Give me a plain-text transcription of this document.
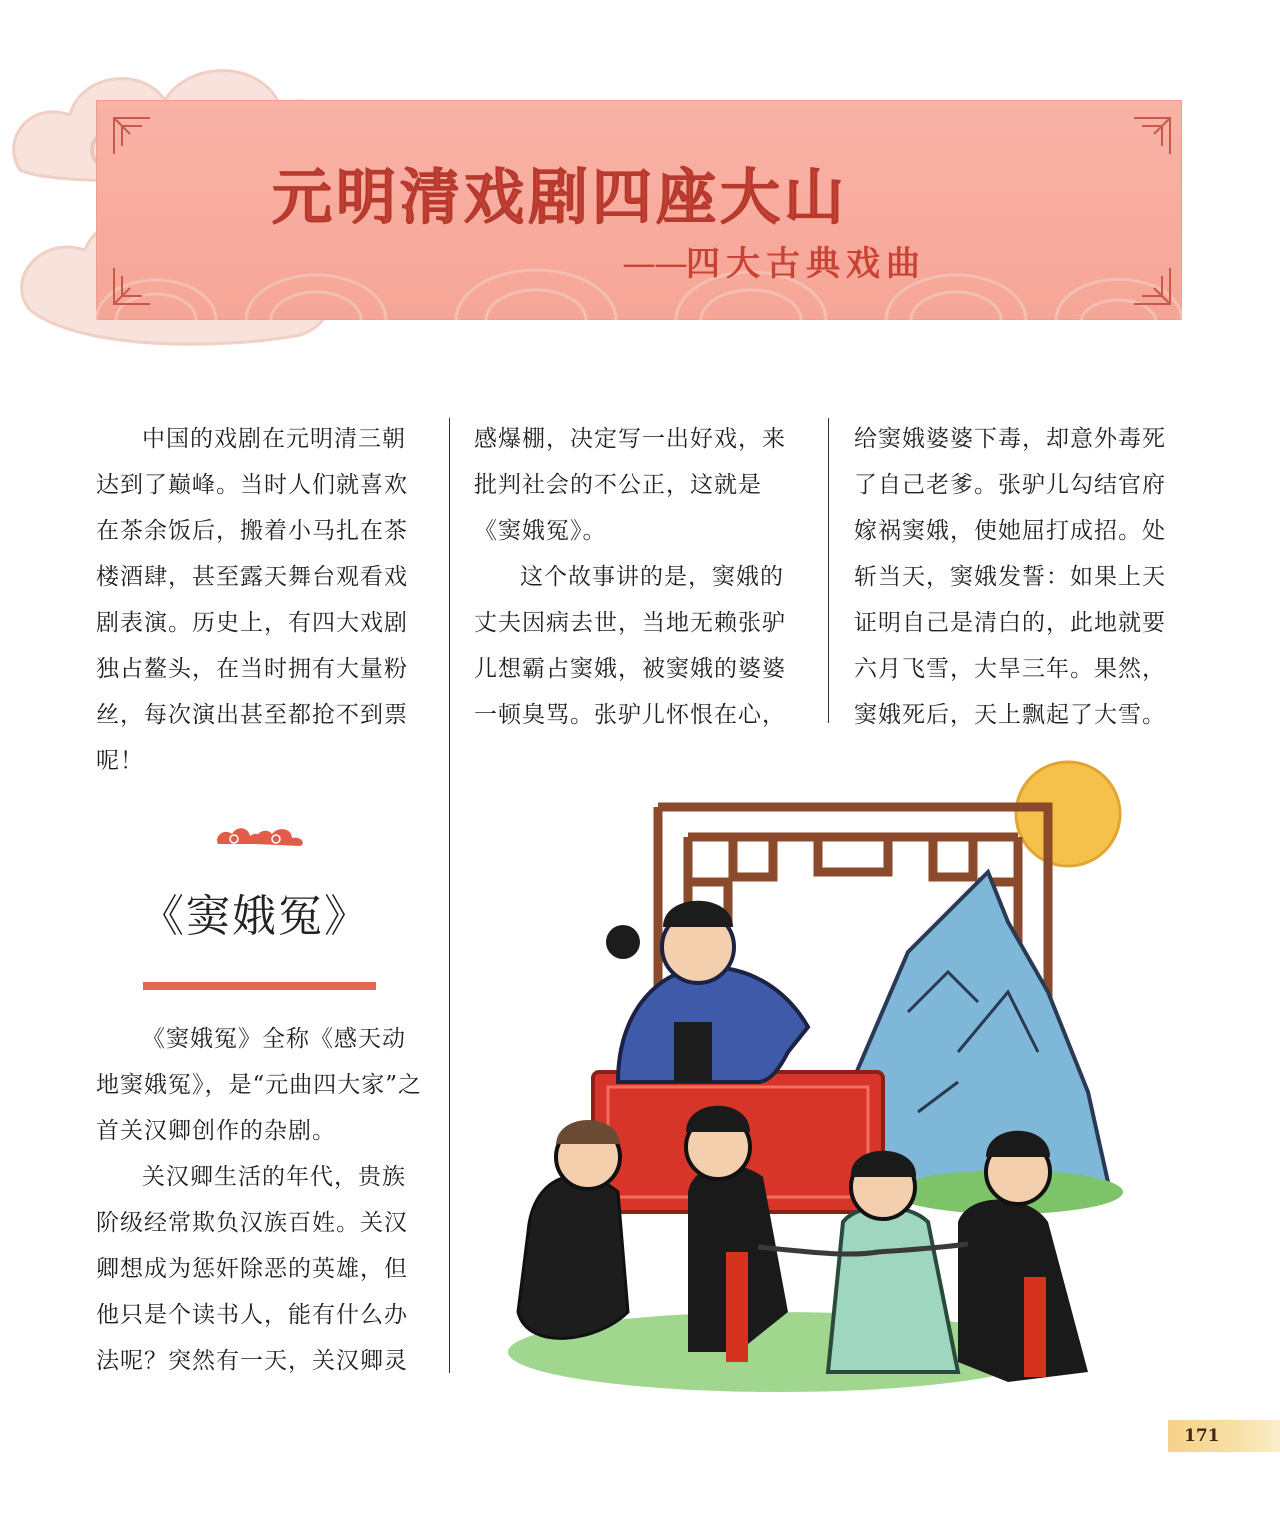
元明清戏剧四座大山
——四大古典戏曲

中国的戏剧在元明清三朝达到了巅峰。当时人们就喜欢在茶余饭后，搬着小马扎在茶楼酒肆，甚至露天舞台观看戏剧表演。历史上，有四大戏剧独占鳌头，在当时拥有大量粉丝，每次演出甚至都抢不到票呢！

《窦娥冤》

《窦娥冤》全称《感天动地窦娥冤》，是“元曲四大家”之首关汉卿创作的杂剧。

关汉卿生活的年代，贵族阶级经常欺负汉族百姓。关汉卿想成为惩奸除恶的英雄，但他只是个读书人，能有什么办法呢？突然有一天，关汉卿灵

感爆棚，决定写一出好戏，来批判社会的不公正，这就是《窦娥冤》。

这个故事讲的是，窦娥的丈夫因病去世，当地无赖张驴儿想霸占窦娥，被窦娥的婆婆一顿臭骂。张驴儿怀恨在心，

给窦娥婆婆下毒，却意外毒死了自己老爹。张驴儿勾结官府嫁祸窦娥，使她屈打成招。处斩当天，窦娥发誓：如果上天证明自己是清白的，此地就要六月飞雪，大旱三年。果然，窦娥死后，天上飘起了大雪。

171
